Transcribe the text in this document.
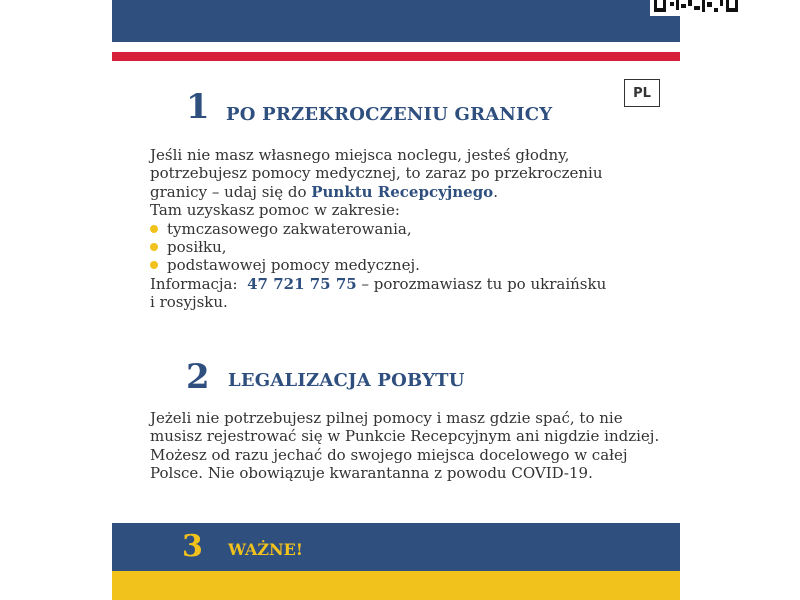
PL
1 PO PRZEKROCZENIU GRANICY
Jeśli nie masz własnego miejsca noclegu, jesteś głodny,
potrzebujesz pomocy medycznej, to zaraz po przekroczeniu
granicy – udaj się do Punktu Recepcyjnego.
Tam uzyskasz pomoc w zakresie:
tymczasowego zakwaterowania,
posiłku,
podstawowej pomocy medycznej.
Informacja: 47 721 75 75 – porozmawiasz tu po ukraińsku
i rosyjsku.
2 LEGALIZACJA POBYTU
Jeżeli nie potrzebujesz pilnej pomocy i masz gdzie spać, to nie
musisz rejestrować się w Punkcie Recepcyjnym ani nigdzie indziej.
Możesz od razu jechać do swojego miejsca docelowego w całej
Polsce. Nie obowiązuje kwarantanna z powodu COVID-19.
3 WAŻNE!
